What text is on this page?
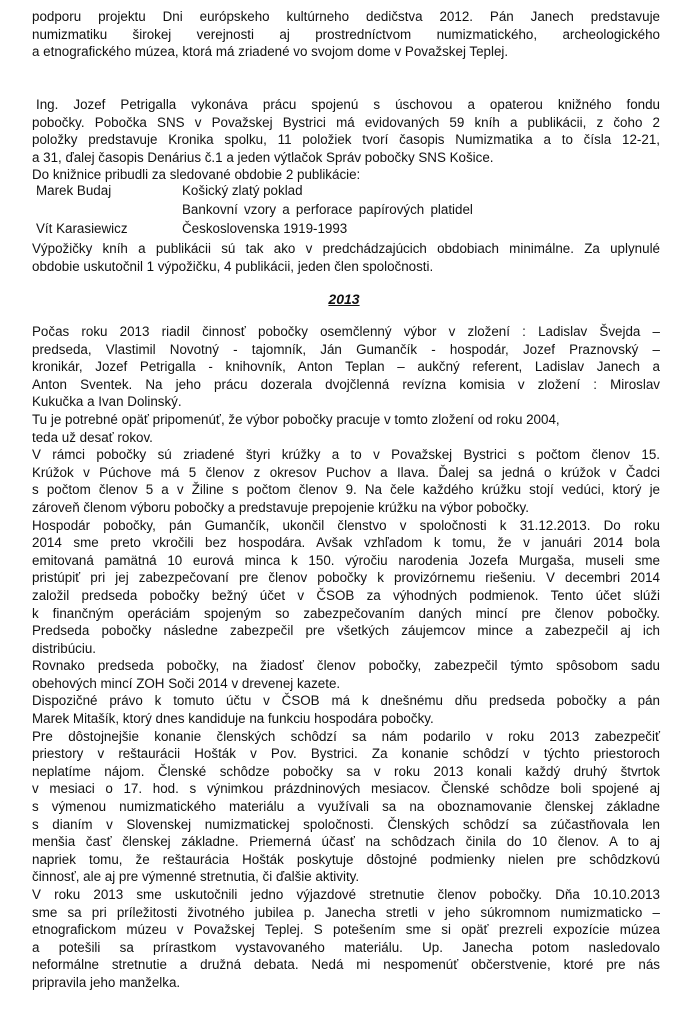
podporu projektu Dni európskeho kultúrneho dedičstva 2012. Pán Janech predstavuje
numizmatiku širokej verejnosti aj prostredníctvom numizmatického, archeologického
a etnografického múzea, ktorá má zriadené vo svojom dome v Považskej Teplej.

Ing. Jozef Petrigalla vykonáva prácu spojenú s úschovou a opaterou knižného fondu
pobočky. Pobočka SNS v Považskej Bystrici má evidovaných 59 kníh a publikácii, z čoho 2
položky predstavuje Kronika spolku, 11 položiek tvorí časopis Numizmatika a to čísla 12-21,
a 31, ďalej časopis Denárius č.1 a jeden výtlačok Správ pobočky SNS Košice.
Do knižnice pribudli za sledované obdobie 2 publikácie:

Marek Budaj	Košický zlatý poklad
Bankovní vzory a perforace papírových platidel
Vít Karasiewicz	Československa 1919-1993

Výpožičky kníh a publikácii sú tak ako v predchádzajúcich obdobiach minimálne. Za uplynulé
obdobie uskutočnil 1 výpožičku, 4 publikácii, jeden člen spoločnosti.

2013

Počas roku 2013 riadil činnosť pobočky osemčlenný výbor v zložení : Ladislav Švejda –
predseda, Vlastimil Novotný - tajomník, Ján Gumančík - hospodár, Jozef Praznovský –
kronikár, Jozef Petrigalla - knihovník, Anton Teplan – aukčný referent, Ladislav Janech a
Anton Sventek. Na jeho prácu dozerala dvojčlenná revízna komisia v zložení : Miroslav
Kukučka a Ivan Dolinský.

Tu je potrebné opäť pripomenúť, že výbor pobočky pracuje v tomto zložení od roku 2004,
teda už desať rokov.

V rámci pobočky sú zriadené štyri krúžky a to v Považskej Bystrici s počtom členov 15.
Krúžok v Púchove má 5 členov z okresov Puchov a Ilava. Ďalej sa jedná o krúžok v Čadci
s počtom členov 5 a v Žiline s počtom členov 9. Na čele každého krúžku stojí vedúci, ktorý je
zároveň členom výboru pobočky a predstavuje prepojenie krúžku na výbor pobočky.

Hospodár pobočky, pán Gumančík, ukončil členstvo v spoločnosti k 31.12.2013. Do roku
2014 sme preto vkročili bez hospodára. Avšak vzhľadom k tomu, že v januári 2014 bola
emitovaná pamätná 10 eurová minca k 150. výročiu narodenia Jozefa Murgaša, museli sme
pristúpiť pri jej zabezpečovaní pre členov pobočky k provizórnemu riešeniu. V decembri 2014
založil predseda pobočky bežný účet v ČSOB za výhodných podmienok. Tento účet slúži
k finančným operáciám spojeným so zabezpečovaním daných mincí pre členov pobočky.
Predseda pobočky následne zabezpečil pre všetkých záujemcov mince a zabezpečil aj ich
distribúciu.

Rovnako predseda pobočky, na žiadosť členov pobočky, zabezpečil týmto spôsobom sadu
obehových mincí ZOH Soči 2014 v drevenej kazete.

Dispozičné právo k tomuto účtu v ČSOB má k dnešnému dňu predseda pobočky a pán
Marek Mitašík, ktorý dnes kandiduje na funkciu hospodára pobočky.

Pre dôstojnejšie konanie členských schôdzí sa nám podarilo v roku 2013 zabezpečiť
priestory v reštaurácii Hošták v Pov. Bystrici. Za konanie schôdzí v týchto priestoroch
neplatíme nájom. Členské schôdze pobočky sa v roku 2013 konali každý druhý štvrtok
v mesiaci o 17. hod. s výnimkou prázdninových mesiacov. Členské schôdze boli spojené aj
s výmenou numizmatického materiálu a využívali sa na oboznamovanie členskej základne
s dianím v Slovenskej numizmatickej spoločnosti. Členských schôdzí sa zúčastňovala len
menšia časť členskej základne. Priemerná účasť na schôdzach činila do 10 členov. A to aj
napriek tomu, že reštaurácia Hošták poskytuje dôstojné podmienky nielen pre schôdzkovú
činnosť, ale aj pre výmenné stretnutia, či ďalšie aktivity.

V roku 2013 sme uskutočnili jedno výjazdové stretnutie členov pobočky. Dňa 10.10.2013
sme sa pri príležitosti životného jubilea p. Janecha stretli v jeho súkromnom numizmaticko –
etnografickom múzeu v Považskej Teplej. S potešením sme si opäť prezreli expozície múzea
a potešili sa prírastkom vystavovaného materiálu. Up. Janecha potom nasledovalo
neformálne stretnutie a družná debata. Nedá mi nespomenúť občerstvenie, ktoré pre nás
pripravila jeho manželka.
